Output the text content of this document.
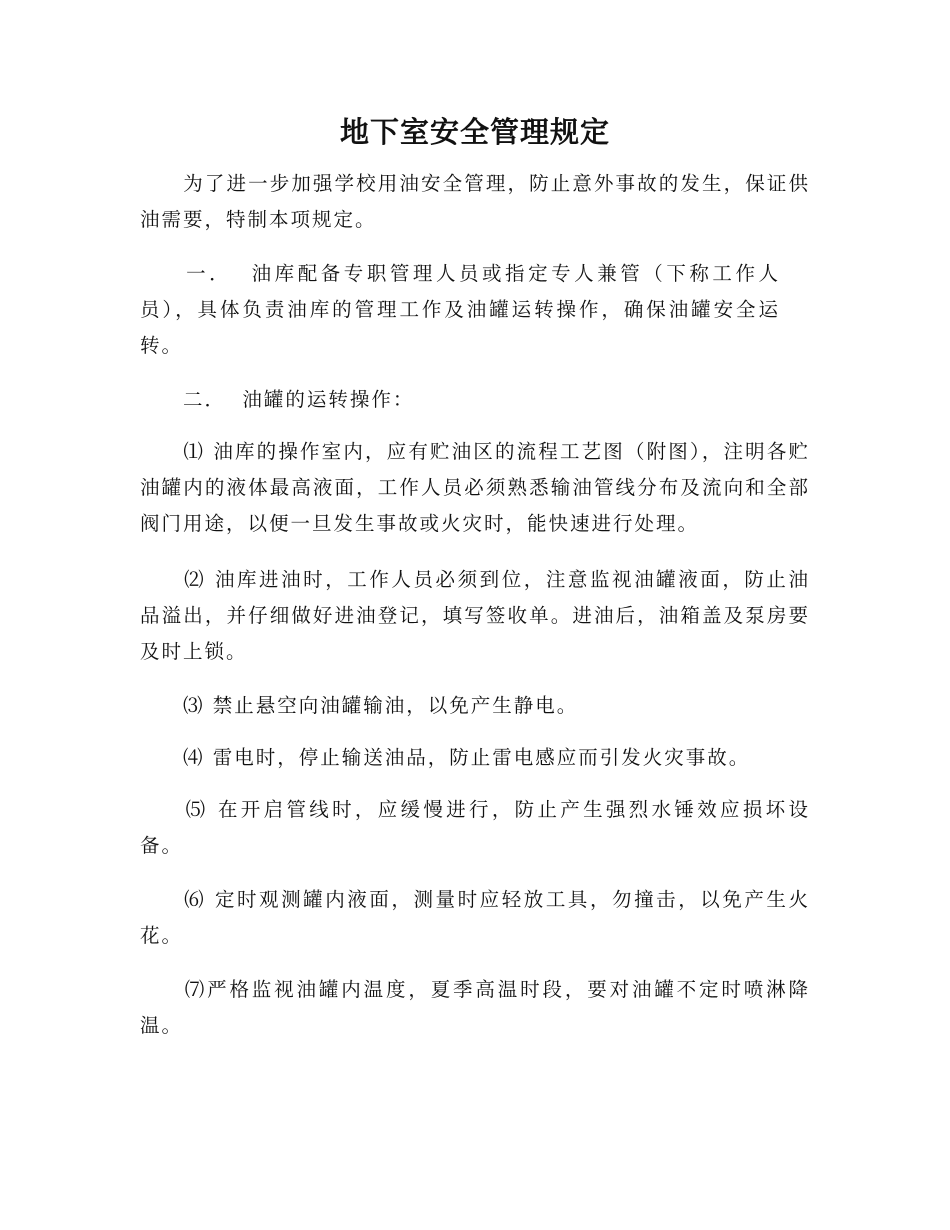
地下室安全管理规定
　　为了进一步加强学校用油安全管理，防止意外事故的发生，保证供油需要，特制本项规定。
　　一．  油库配备专职管理人员或指定专人兼管（下称工作人员），具体负责油库的管理工作及油罐运转操作，确保油罐安全运转。
　　二．  油罐的运转操作：
　　⑴ 油库的操作室内，应有贮油区的流程工艺图（附图），注明各贮油罐内的液体最高液面，工作人员必须熟悉输油管线分布及流向和全部阀门用途，以便一旦发生事故或火灾时，能快速进行处理。
　　⑵ 油库进油时，工作人员必须到位，注意监视油罐液面，防止油品溢出，并仔细做好进油登记，填写签收单。进油后，油箱盖及泵房要及时上锁。
　　⑶ 禁止悬空向油罐输油，以免产生静电。
　　⑷ 雷电时，停止输送油品，防止雷电感应而引发火灾事故。
　　⑸ 在开启管线时，应缓慢进行，防止产生强烈水锤效应损坏设备。
　　⑹ 定时观测罐内液面，测量时应轻放工具，勿撞击，以免产生火花。
　　⑺严格监视油罐内温度，夏季高温时段，要对油罐不定时喷淋降温。
